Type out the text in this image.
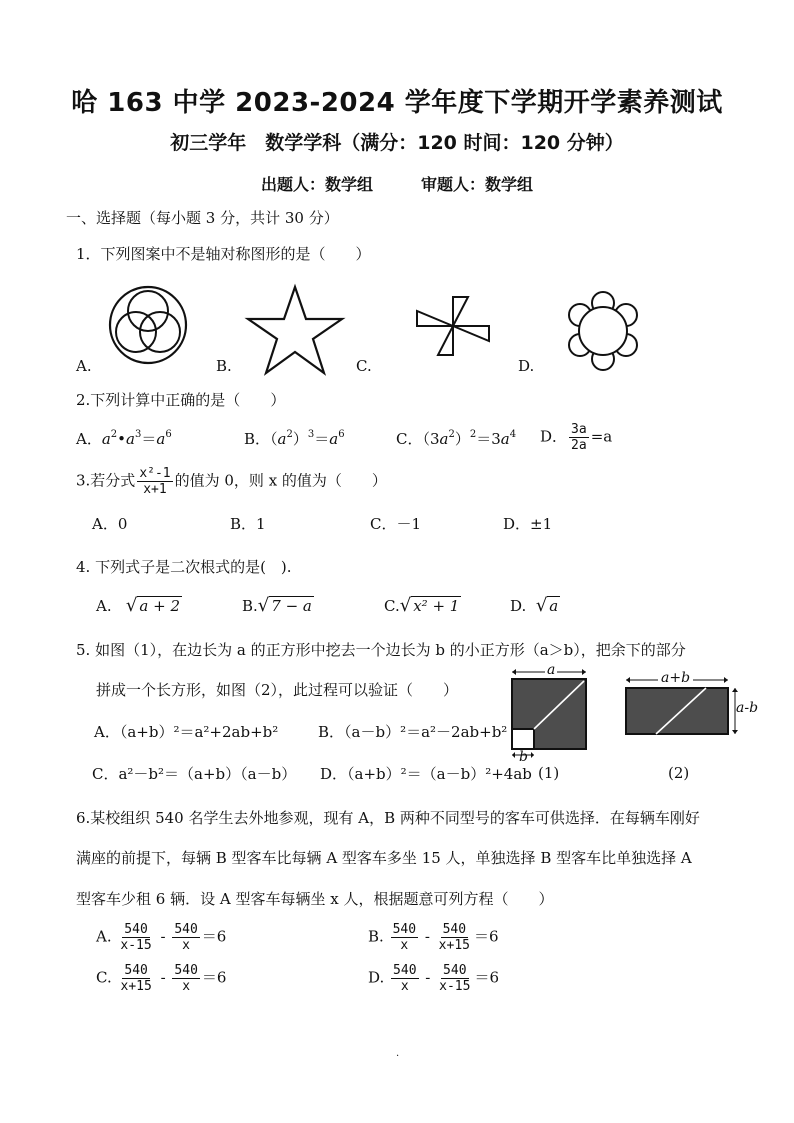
哈 163 中学 2023-2024 学年度下学期开学素养测试
初三学年　数学学科（满分：120 时间：120 分钟）
出题人：数学组　　　审题人：数学组
一、选择题（每小题 3 分，共计 30 分）
1．下列图案中不是轴对称图形的是（　　）
A.	B.	C.	D.
2.下列计算中正确的是（　　）
A．$a^2•a^3=a^6$	B．$(a^2)^3=a^6$	C．$(3a^2)^2=3a^4$ D． $\frac{3a}{2a} =a$
3.若分式 $\frac{\text{x²-1}}{x+1}$ 的值为 0，则 x 的值为（　　）
A．0	B．1	C．－1	D．±1
4. 下列式子是二次根式的是(　).
A. √ a + 2	B.√ 7 − a	C.√ x² + 1	D. √ a
5. 如图（1），在边长为 a 的正方形中挖去一个边长为 b 的小正方形（a＞b），把余下的部分
拼成一个长方形，如图（2），此过程可以验证（　　）
A．（a+b）²＝a²+2ab+b²	B．（a－b）²＝a²－2ab+b²
C．a²－b²＝（a+b）（a－b） D．（a+b）²＝（a－b）²+4ab
a
b
(1)
a+b
a-b
(2)
6.某校组织 540 名学生去外地参观，现有 A，B 两种不同型号的客车可供选择．在每辆车刚好
满座的前提下，每辆 B 型客车比每辆 A 型客车多坐 15 人，单独选择 B 型客车比单独选择 A
型客车少租 6 辆．设 A 型客车每辆坐 x 人，根据题意可列方程（　　）
A. $\frac{540}{x-15} - \frac{540}{x} =6$	B. $\frac{540}{x} - \frac{540}{x+15} =6$
C. $\frac{540}{x+15} - \frac{540}{x} =6$	D. $\frac{540}{x} - \frac{540}{x-15} =6$
.
